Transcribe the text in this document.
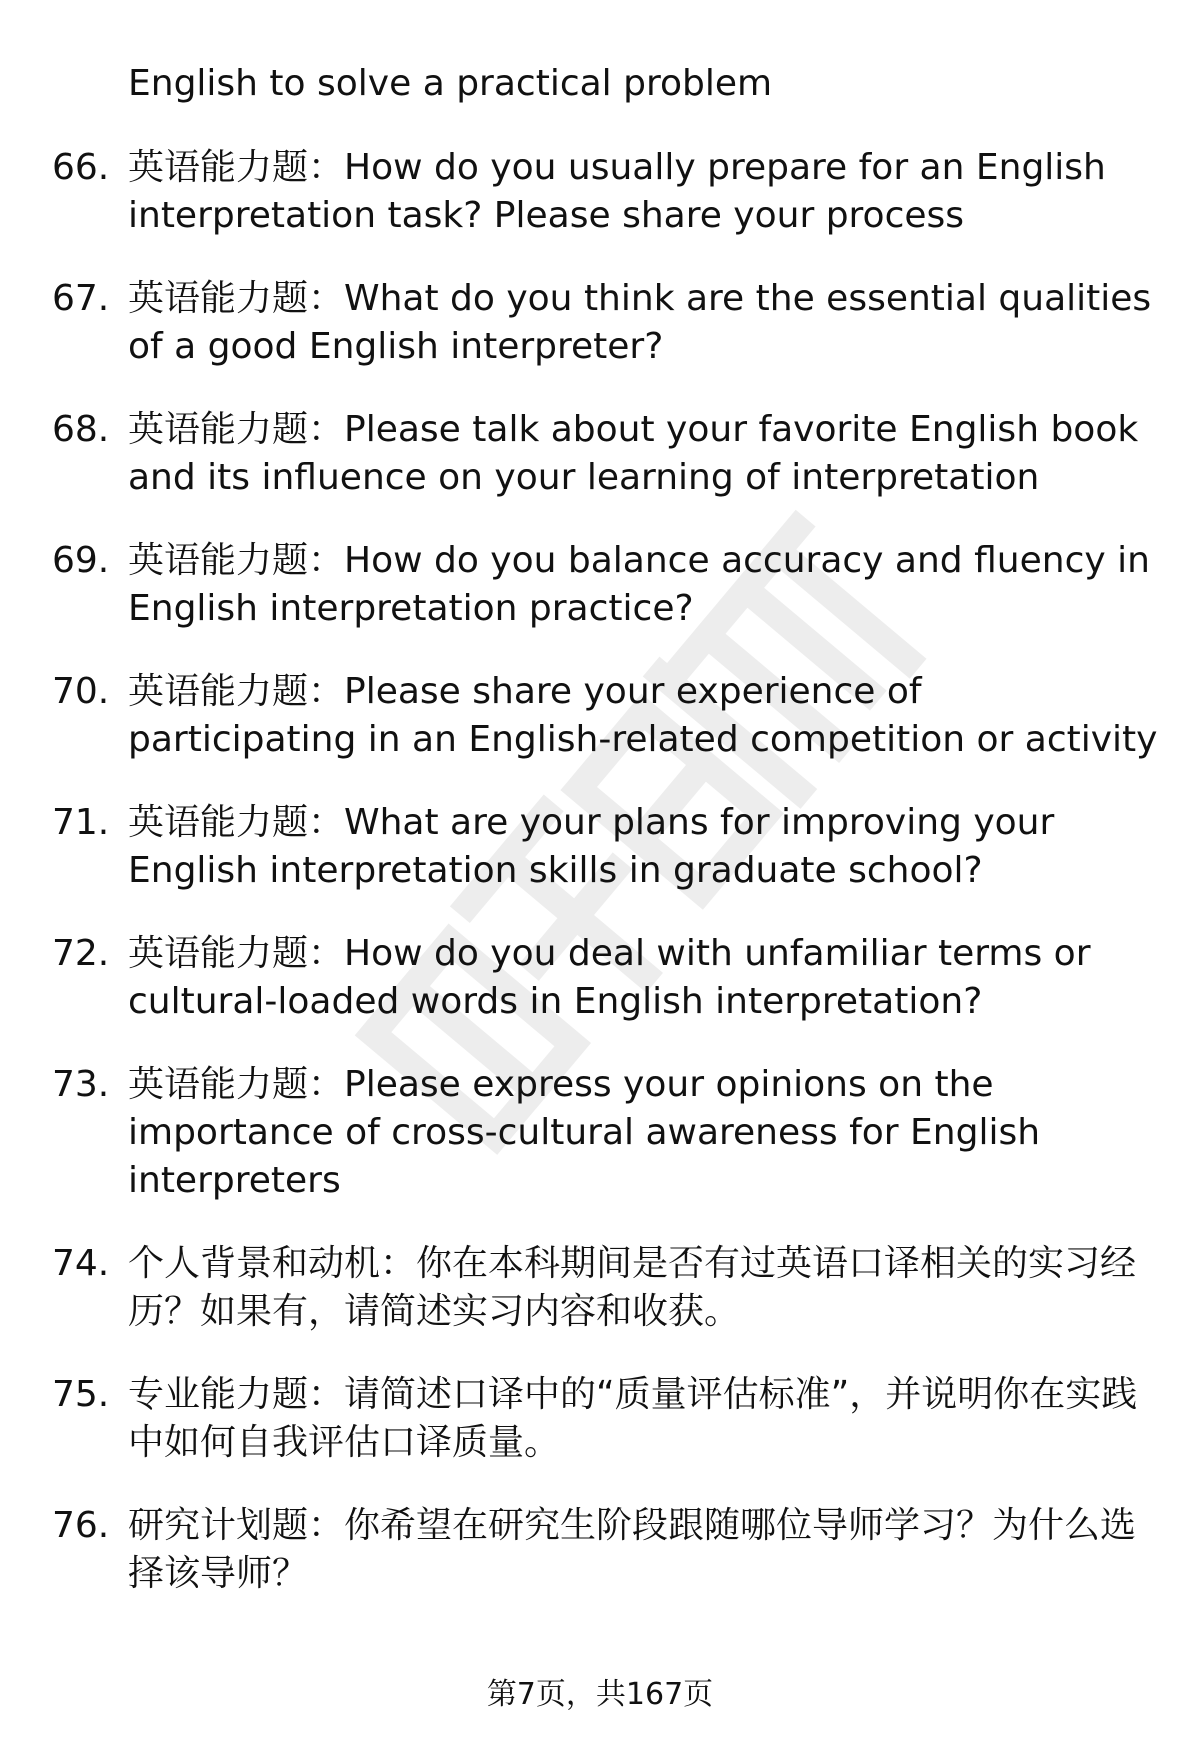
English to solve a practical problem

66. 英语能力题：How do you usually prepare for an English interpretation task? Please share your process
67. 英语能力题：What do you think are the essential qualities of a good English interpreter?
68. 英语能力题：Please talk about your favorite English book and its influence on your learning of interpretation
69. 英语能力题：How do you balance accuracy and fluency in English interpretation practice?
70. 英语能力题：Please share your experience of participating in an English-related competition or activity
71. 英语能力题：What are your plans for improving your English interpretation skills in graduate school?
72. 英语能力题：How do you deal with unfamiliar terms or cultural-loaded words in English interpretation?
73. 英语能力题：Please express your opinions on the importance of cross-cultural awareness for English interpreters
74. 个人背景和动机：你在本科期间是否有过英语口译相关的实习经历？如果有，请简述实习内容和收获。
75. 专业能力题：请简述口译中的“质量评估标准”，并说明你在实践中如何自我评估口译质量。
76. 研究计划题：你希望在研究生阶段跟随哪位导师学习？为什么选择该导师？

第7页，共167页
